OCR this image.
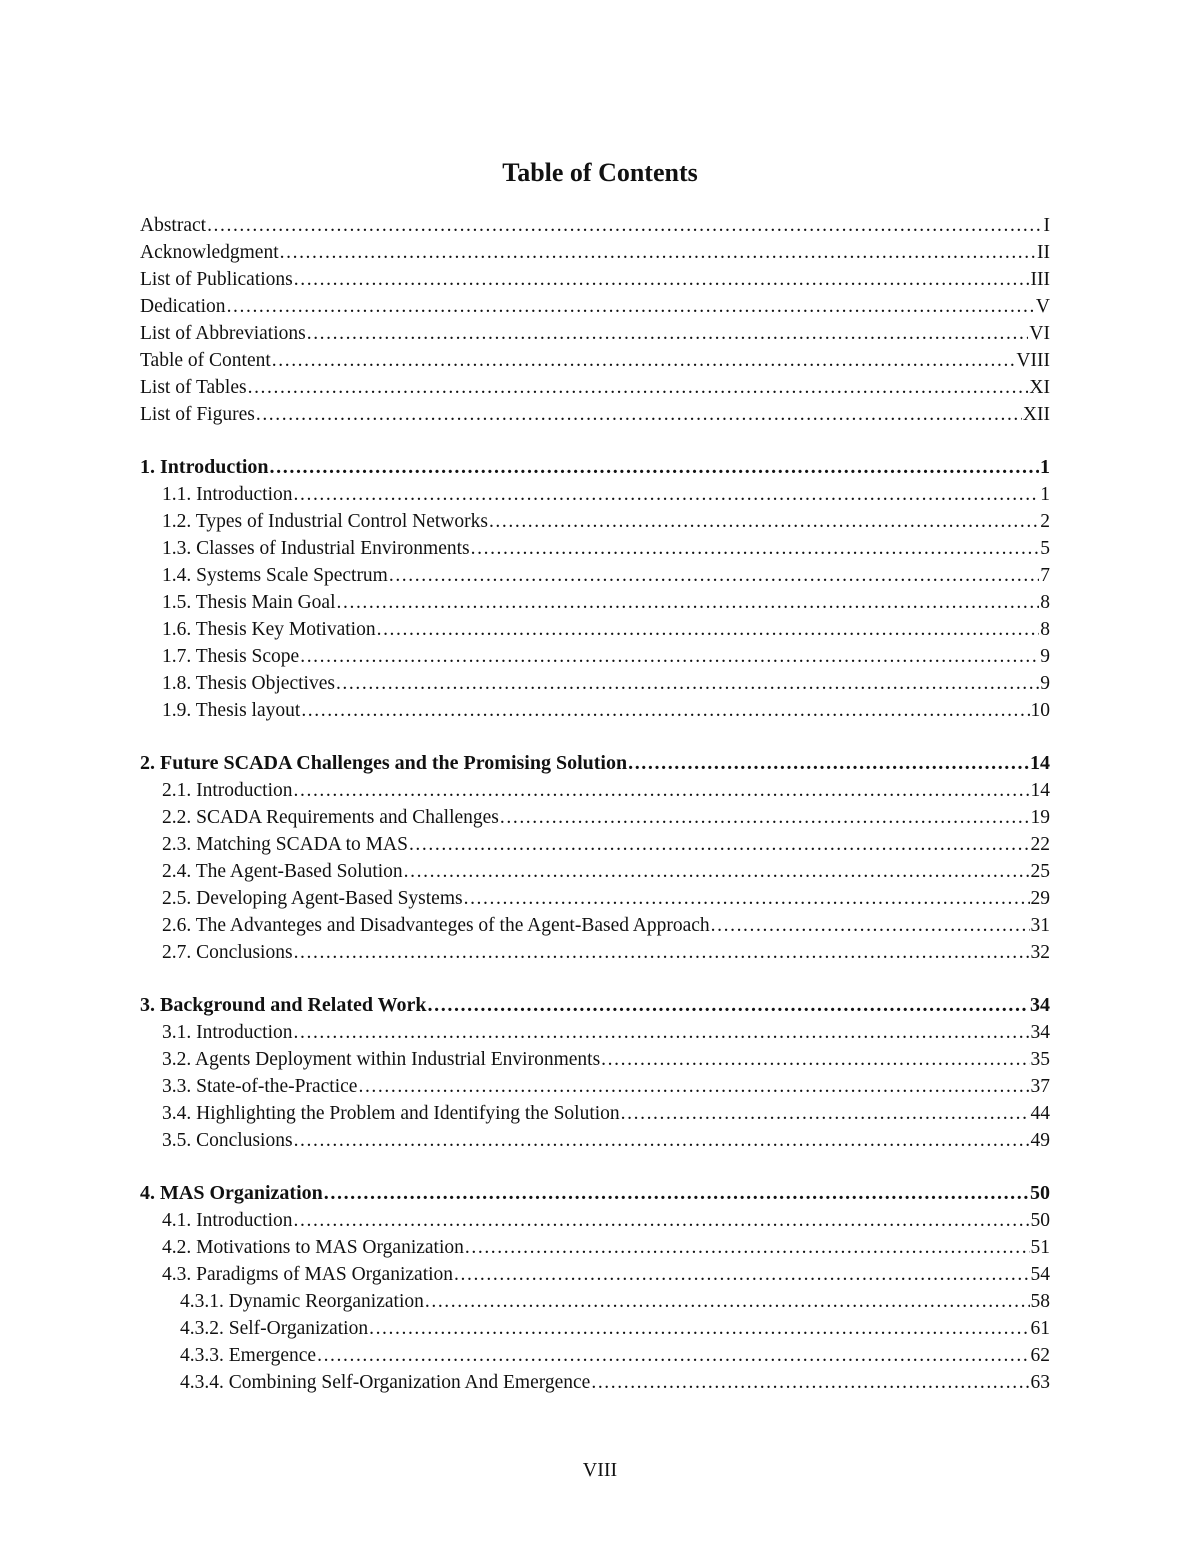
Table of Contents
Abstract .....	I
Acknowledgment .....	II
List of Publications .....	III
Dedication .....	V
List of Abbreviations .....	VI
Table of Content .....	VIII
List of Tables .....	XI
List of Figures .....	XII
1. Introduction .....	1
1.1. Introduction .....	1
1.2. Types of Industrial Control Networks .....	2
1.3. Classes of Industrial Environments .....	5
1.4. Systems Scale Spectrum .....	7
1.5. Thesis Main Goal .....	8
1.6. Thesis Key Motivation .....	8
1.7. Thesis Scope .....	9
1.8. Thesis Objectives .....	9
1.9. Thesis layout .....	10
2. Future SCADA Challenges and the Promising Solution .....	14
2.1. Introduction .....	14
2.2. SCADA Requirements and Challenges .....	19
2.3. Matching SCADA to MAS .....	22
2.4. The Agent-Based Solution .....	25
2.5. Developing Agent-Based Systems .....	29
2.6. The Advanteges and Disadvanteges of the Agent-Based Approach .....	31
2.7. Conclusions .....	32
3. Background and Related Work .....	34
3.1. Introduction .....	34
3.2. Agents Deployment within Industrial Environments .....	35
3.3. State-of-the-Practice .....	37
3.4. Highlighting the Problem and Identifying the Solution .....	44
3.5. Conclusions .....	49
4. MAS Organization .....	50
4.1. Introduction .....	50
4.2. Motivations to MAS Organization .....	51
4.3. Paradigms of MAS Organization .....	54
4.3.1. Dynamic Reorganization .....	58
4.3.2. Self-Organization .....	61
4.3.3. Emergence .....	62
4.3.4. Combining Self-Organization And Emergence .....	63
VIII
